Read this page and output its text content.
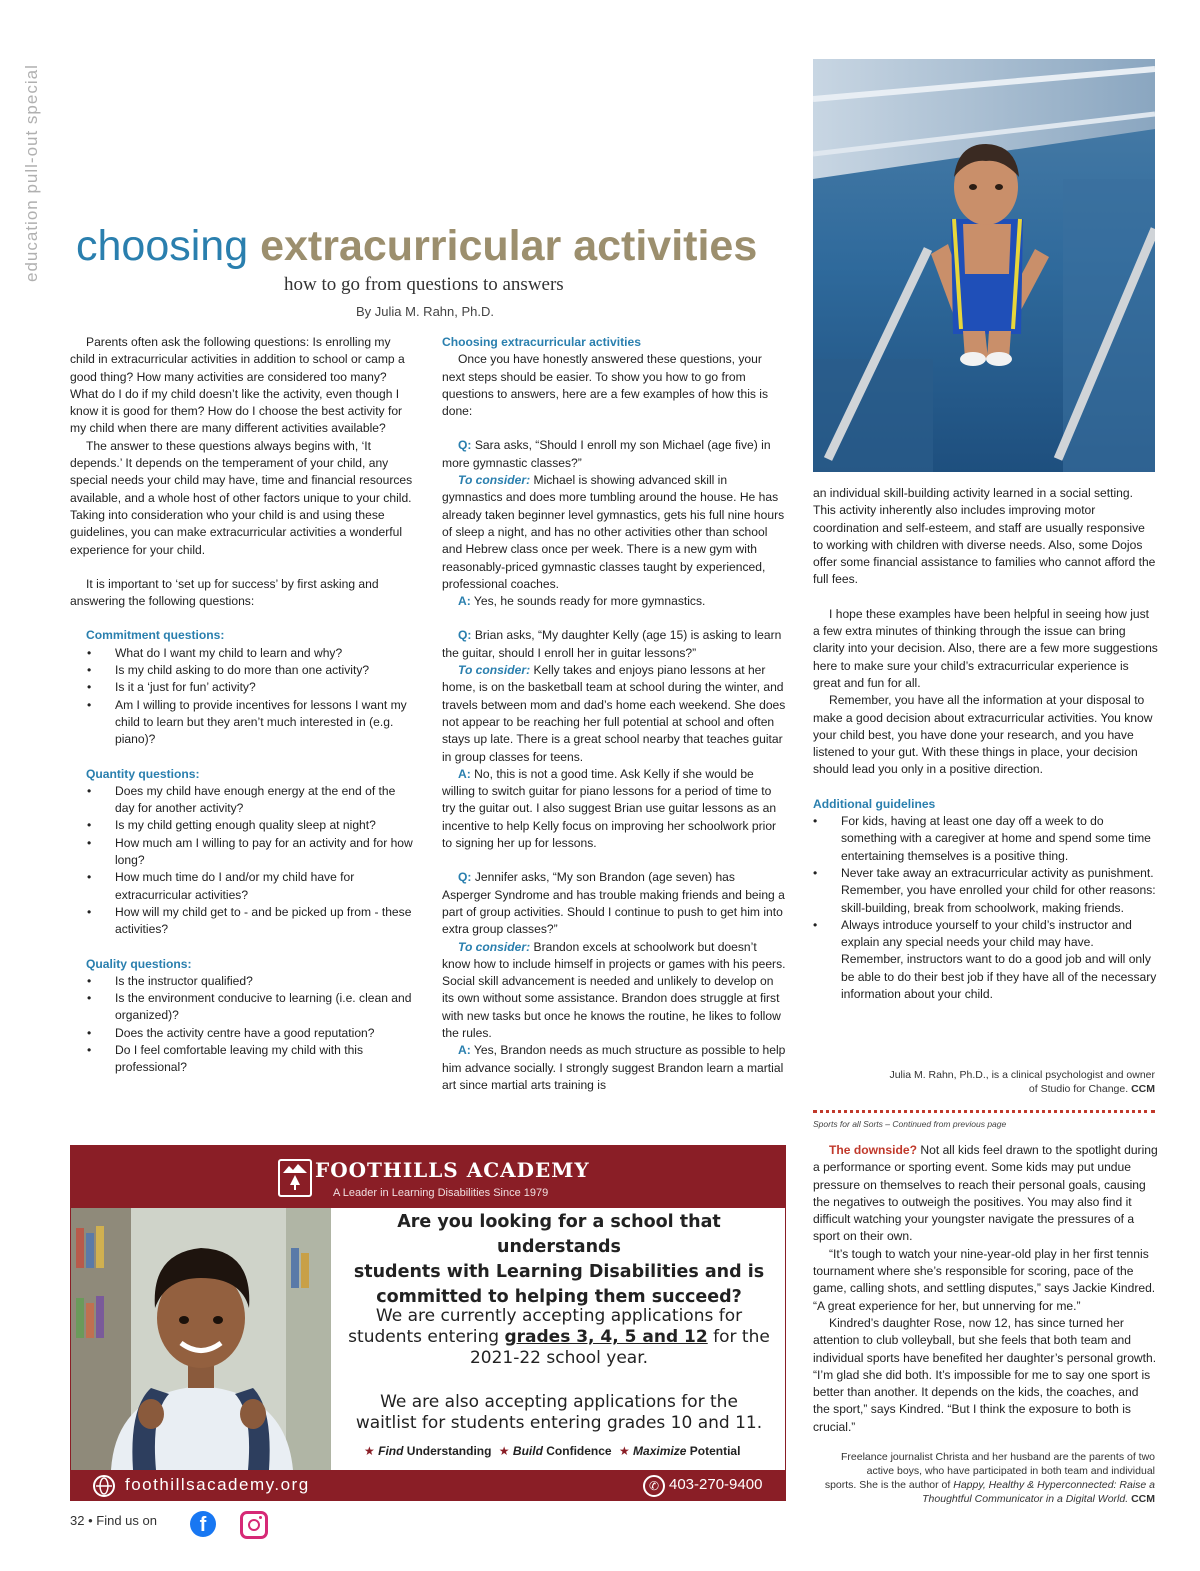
education pull-out special choosing extracurricular activities
how to go from questions to answers
By Julia M. Rahn, Ph.D.

Parents often ask the following questions: Is enrolling my child in extracurricular activities in addition to school or camp a good thing? How many activities are considered too many? What do I do if my child doesn’t like the activity, even though I know it is good for them? How do I choose the best activity for my child when there are many different activities available?

The answer to these questions always begins with, ‘It depends.’ It depends on the temperament of your child, any special needs your child may have, time and financial resources available, and a whole host of other factors unique to your child. Taking into consideration who your child is and using these guidelines, you can make extracurricular activities a wonderful experience for your child.

It is important to ‘set up for success’ by first asking and answering the following questions:

Commitment questions:

• What do I want my child to learn and why?
• Is my child asking to do more than one activity?
• Is it a ‘just for fun’ activity?
• Am I willing to provide incentives for lessons I want my child to learn but they aren’t much interested in (e.g. piano)?

Quantity questions:

• Does my child have enough energy at the end of the day for another activity?
• Is my child getting enough quality sleep at night?
• How much am I willing to pay for an activity and for how long?
• How much time do I and/or my child have for extracurricular activities?
• How will my child get to - and be picked up from - these activities?

Quality questions:

• Is the instructor qualified?
• Is the environment conducive to learning (i.e. clean and organized)?
• Does the activity centre have a good reputation?
• Do I feel comfortable leaving my child with this professional?

Choosing extracurricular activities

Once you have honestly answered these questions, your next steps should be easier. To show you how to go from questions to answers, here are a few examples of how this is done:

Q: Sara asks, “Should I enroll my son Michael (age five) in more gymnastic classes?”

To consider: Michael is showing advanced skill in gymnastics and does more tumbling around the house. He has already taken beginner level gymnastics, gets his full nine hours of sleep a night, and has no other activities other than school and Hebrew class once per week. There is a new gym with reasonably-priced gymnastic classes taught by experienced, professional coaches.

A: Yes, he sounds ready for more gymnastics.

Q: Brian asks, “My daughter Kelly (age 15) is asking to learn the guitar, should I enroll her in guitar lessons?”

To consider: Kelly takes and enjoys piano lessons at her home, is on the basketball team at school during the winter, and travels between mom and dad’s home each weekend. She does not appear to be reaching her full potential at school and often stays up late. There is a great school nearby that teaches guitar in group classes for teens.

A: No, this is not a good time. Ask Kelly if she would be willing to switch guitar for piano lessons for a period of time to try the guitar out. I also suggest Brian use guitar lessons as an incentive to help Kelly focus on improving her schoolwork prior to signing her up for lessons.

Q: Jennifer asks, “My son Brandon (age seven) has Asperger Syndrome and has trouble making friends and being a part of group activities. Should I continue to push to get him into extra group classes?”

To consider: Brandon excels at schoolwork but doesn’t know how to include himself in projects or games with his peers. Social skill advancement is needed and unlikely to develop on its own without some assistance. Brandon does struggle at first with new tasks but once he knows the routine, he likes to follow the rules.

A: Yes, Brandon needs as much structure as possible to help him advance socially. I strongly suggest Brandon learn a martial art since martial arts training is

an individual skill-building activity learned in a social setting. This activity inherently also includes improving motor coordination and self-esteem, and staff are usually responsive to working with children with diverse needs. Also, some Dojos offer some financial assistance to families who cannot afford the full fees.

I hope these examples have been helpful in seeing how just a few extra minutes of thinking through the issue can bring clarity into your decision. Also, there are a few more suggestions here to make sure your child’s extracurricular experience is great and fun for all.

Remember, you have all the information at your disposal to make a good decision about extracurricular activities. You know your child best, you have done your research, and you have listened to your gut. With these things in place, your decision should lead you only in a positive direction.

Additional guidelines

• For kids, having at least one day off a week to do something with a caregiver at home and spend some time entertaining themselves is a positive thing.
• Never take away an extracurricular activity as punishment. Remember, you have enrolled your child for other reasons: skill-building, break from schoolwork, making friends.
• Always introduce yourself to your child’s instructor and explain any special needs your child may have. Remember, instructors want to do a good job and will only be able to do their best job if they have all of the necessary information about your child.
Julia M. Rahn, Ph.D., is a clinical psychologist and owner
of Studio for Change. CCM
Sports for all Sorts – Continued from previous page

The downside? Not all kids feel drawn to the spotlight during a performance or sporting event. Some kids may put undue pressure on themselves to reach their personal goals, causing the negatives to outweigh the positives. You may also find it difficult watching your youngster navigate the pressures of a sport on their own.

“It’s tough to watch your nine-year-old play in her first tennis tournament where she’s responsible for scoring, pace of the game, calling shots, and settling disputes,” says Jackie Kindred. “A great experience for her, but unnerving for me.”

Kindred’s daughter Rose, now 12, has since turned her attention to club volleyball, but she feels that both team and individual sports have benefited her daughter’s personal growth. “I’m glad she did both. It’s impossible for me to say one sport is better than another. It depends on the kids, the coaches, and the sport,” says Kindred. “But I think the exposure to both is crucial.”

Freelance journalist Christa and her husband are the parents of two
active boys, who have participated in both team and individual
sports. She is the author of Happy, Healthy & Hyperconnected: Raise a
Thoughtful Communicator in a Digital World. CCM
FOOTHILLS ACADEMY
A Leader in Learning Disabilities Since 1979
Are you looking for a school that understands
students with Learning Disabilities and is
committed to helping them succeed?
We are currently accepting applications for
students entering grades 3, 4, 5 and 12 for the
2021-22 school year.
We are also accepting applications for the
waitlist for students entering grades 10 and 11.
★ Find Understanding ★ Build Confidence ★ Maximize Potential
foothillsacademy.org	✆ 403-270-9400
32 • Find us on	f
